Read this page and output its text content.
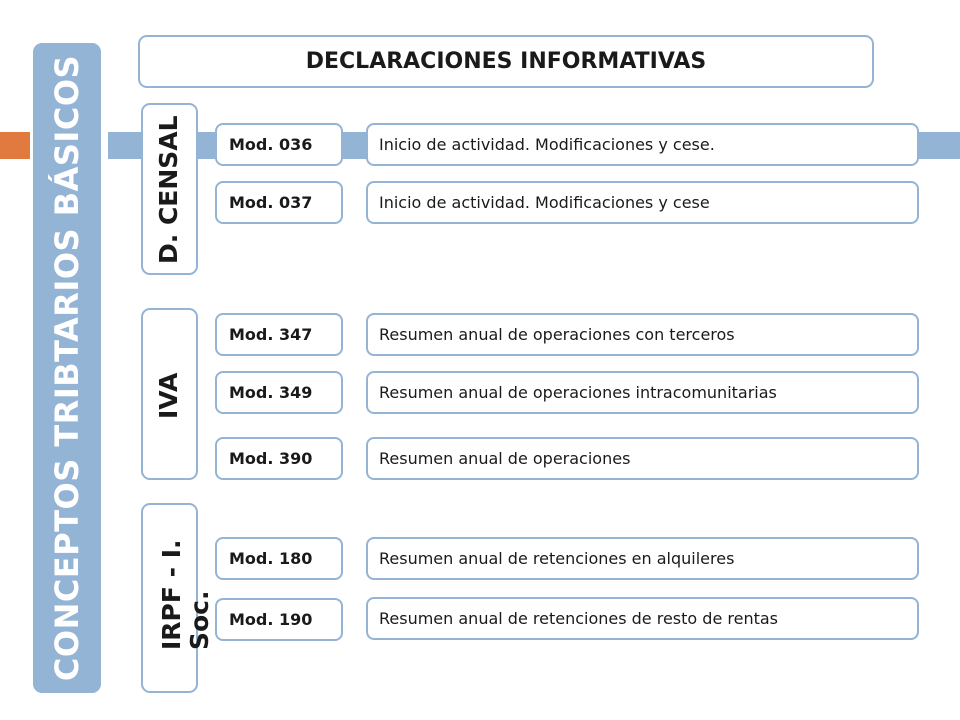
CONCEPTOS TRIBTARIOS BÁSICOS	DECLARACIONES INFORMATIVAS
D. CENSAL
IVA
IRPF - I. Soc.
Mod. 036	Inicio de actividad. Modificaciones y cese.
Mod. 037	Inicio de actividad. Modificaciones y cese
Mod. 347	Resumen anual de operaciones con terceros
Mod. 349	Resumen anual de operaciones intracomunitarias
Mod. 390	Resumen anual de operaciones
Mod. 180	Resumen anual de retenciones en alquileres
Mod. 190	Resumen anual de retenciones de resto de rentas
